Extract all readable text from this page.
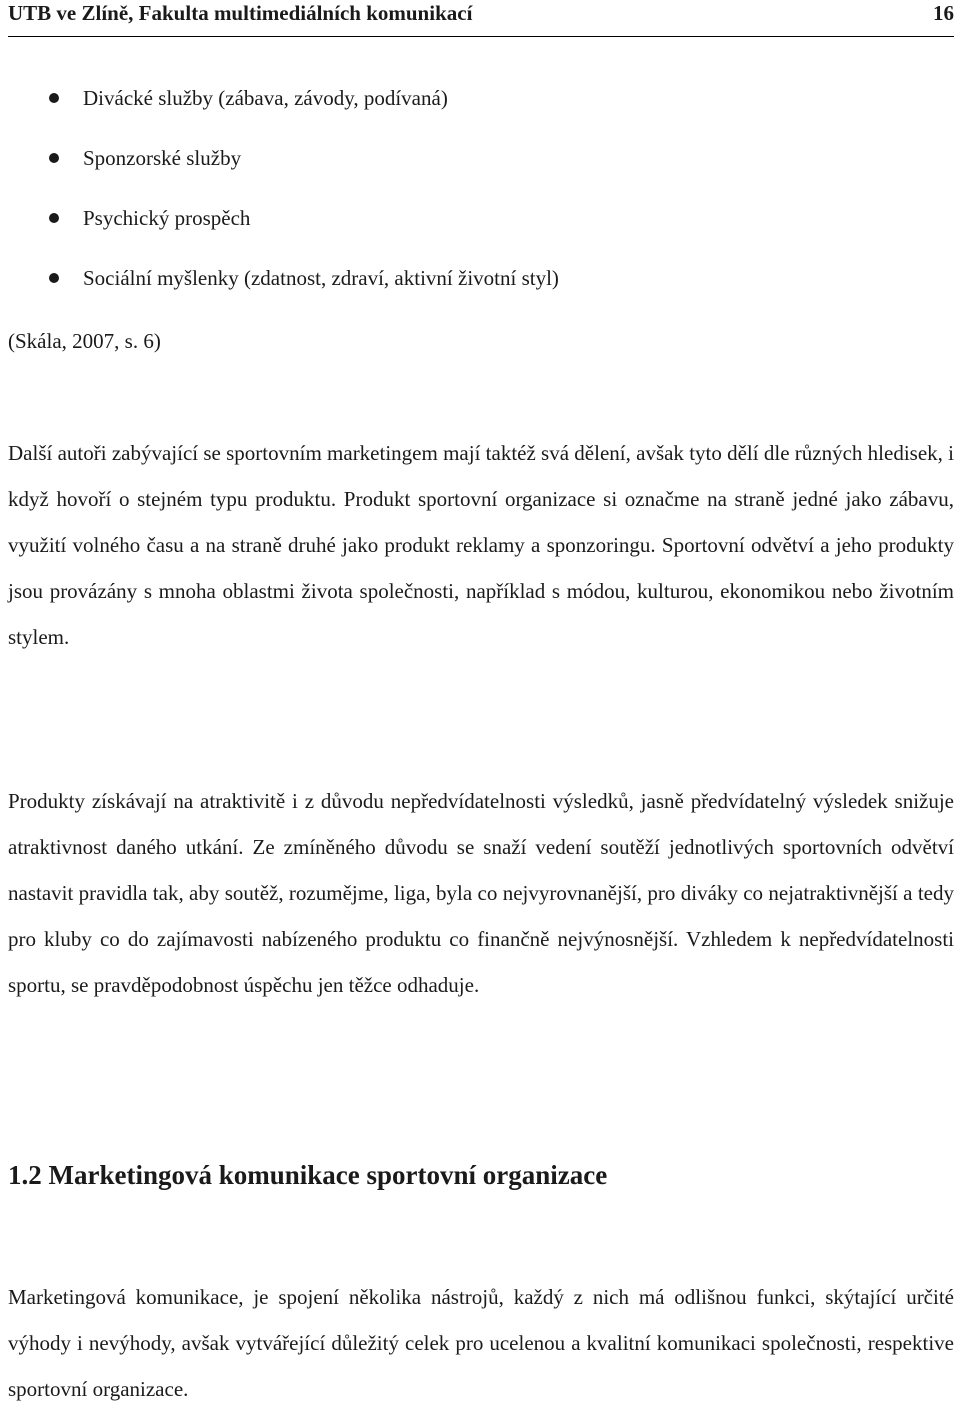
UTB ve Zlíně, Fakulta multimediálních komunikací	16
Divácké služby (zábava, závody, podívaná)
Sponzorské služby
Psychický prospěch
Sociální myšlenky (zdatnost, zdraví, aktivní životní styl)

(Skála, 2007, s. 6)

Další autoři zabývající se sportovním marketingem mají taktéž svá dělení, avšak tyto dělí dle různých hledisek, i když hovoří o stejném typu produktu. Produkt sportovní organizace si označme na straně jedné jako zábavu, využití volného času a na straně druhé jako produkt reklamy a sponzoringu. Sportovní odvětví a jeho produkty jsou provázány s mnoha oblastmi života společnosti, například s módou, kulturou, ekonomikou nebo životním stylem.

Produkty získávají na atraktivitě i z důvodu nepředvídatelnosti výsledků, jasně předvídatelný výsledek snižuje atraktivnost daného utkání. Ze zmíněného důvodu se snaží vedení soutěží jednotlivých sportovních odvětví nastavit pravidla tak, aby soutěž, rozumějme, liga, byla co nejvyrovnanější, pro diváky co nejatraktivnější a tedy pro kluby co do zajímavosti nabízeného produktu co finančně nejvýnosnější. Vzhledem k nepředvídatelnosti sportu, se pravděpodobnost úspěchu jen těžce odhaduje.

1.2 Marketingová komunikace sportovní organizace

Marketingová komunikace, je spojení několika nástrojů, každý z nich má odlišnou funkci, skýtající určité výhody i nevýhody, avšak vytvářející důležitý celek pro ucelenou a kvalitní komunikaci společnosti, respektive sportovní organizace.
